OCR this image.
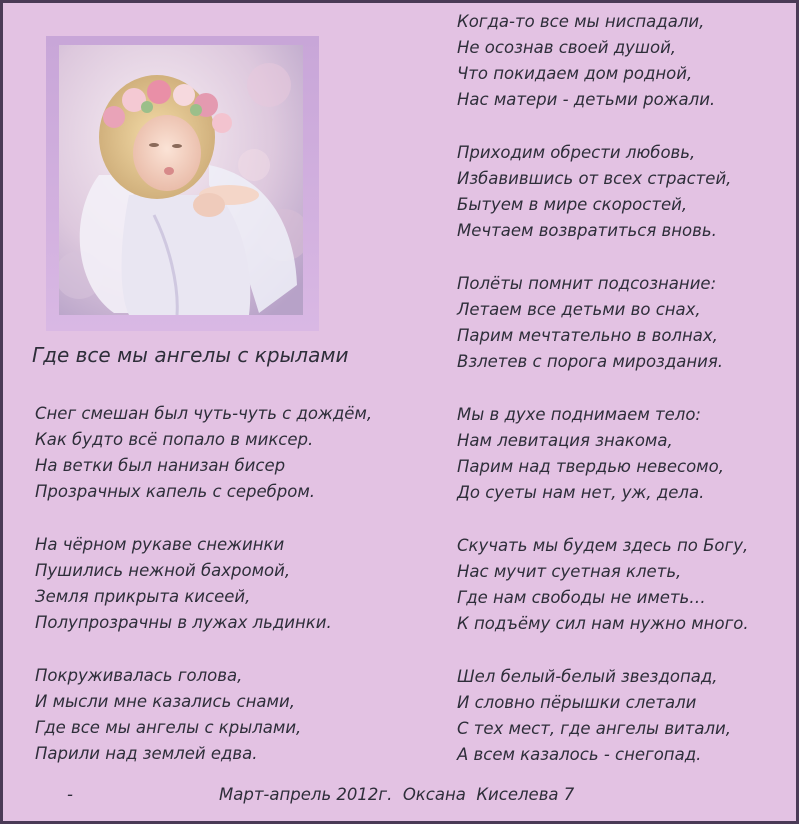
Где все мы ангелы с крылами
Снег смешан был чуть-чуть с дождём,
Как будто всё попало в миксер.
На ветки был нанизан бисер
Прозрачных капель с серебром.
На чёрном рукаве снежинки
Пушились нежной бахромой,
Земля прикрыта кисеей,
Полупрозрачны в лужах льдинки.
Покруживалась голова,
И мысли мне казались снами,
Где все мы ангелы с крылами,
Парили над землей едва.
Когда-то все мы ниспадали,
Не осознав своей душой,
Что покидаем дом родной,
Нас матери - детьми рожали.
Приходим обрести любовь,
Избавившись от всех страстей,
Бытуем в мире скоростей,
Мечтаем возвратиться вновь.
Полёты помнит подсознание:
Летаем все детьми во снах,
Парим мечтательно в волнах,
Взлетев с порога мироздания.
Мы в духе поднимаем тело:
Нам левитация знакома,
Парим над твердью невесомо,
До суеты нам нет, уж, дела.
Скучать мы будем здесь по Богу,
Нас мучит суетная клеть,
Где нам свободы не иметь…
К подъёму сил нам нужно много.
Шел белый-белый звездопад,
И словно пёрышки слетали
С тех мест, где ангелы витали,
А всем казалось - снегопад.
-	Март-апрель 2012г.  Оксана  Киселева 7
